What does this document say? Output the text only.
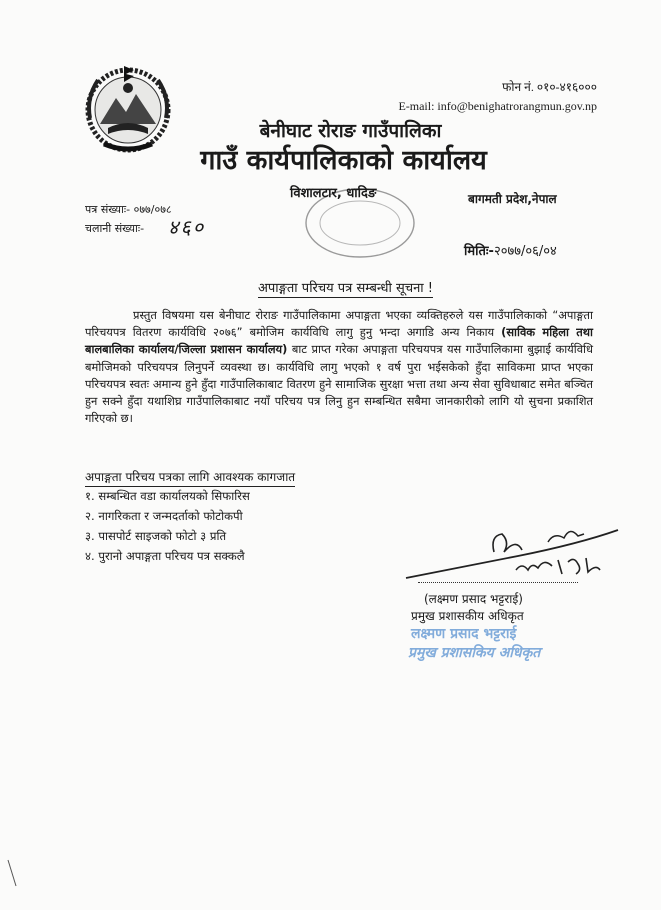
फोन नं. ०१०-४१६०००
E-mail: info@benighatrorangmun.gov.np
बेनीघाट रोराङ गाउँपालिका
गाउँ कार्यपालिकाको कार्यालय
विशालटार, धादिङ	बागमती प्रदेश,नेपाल
पत्र संख्याः- ०७७/०७८
चलानी संख्याः- ४६०
मितिः-२०७७/०६/०४
अपाङ्गता परिचय पत्र सम्बन्धी सूचना !
प्रस्तुत विषयमा यस बेनीघाट रोराङ गाउँपालिकामा अपाङ्गता भएका व्यक्तिहरुले यस गाउँपालिकाको “अपाङ्गता परिचयपत्र वितरण कार्यविधि २०७६” बमोजिम कार्यविधि लागु हुनु भन्दा अगाडि अन्य निकाय (साविक महिला तथा बालबालिका कार्यालय/जिल्ला प्रशासन कार्यालय) बाट प्राप्त गरेका अपाङ्गता परिचयपत्र यस गाउँपालिकामा बुझाई कार्यविधि बमोजिमको परिचयपत्र लिनुपर्ने व्यवस्था छ। कार्यविधि लागु भएको १ वर्ष पुरा भईसकेको हुँदा साविकमा प्राप्त भएका परिचयपत्र स्वतः अमान्य हुने हुँदा गाउँपालिकाबाट वितरण हुने सामाजिक सुरक्षा भत्ता तथा अन्य सेवा सुविधाबाट समेत बञ्चित हुन सक्ने हुँदा यथाशिघ्र गाउँपालिकाबाट नयाँ परिचय पत्र लिनु हुन सम्बन्धित सबैमा जानकारीको लागि यो सुचना प्रकाशित गरिएको छ।
अपाङ्गता परिचय पत्रका लागि आवश्यक कागजात
१. सम्बन्धित वडा कार्यालयको सिफारिस
२. नागरिकता र जन्मदर्ताको फोटोकपी
३. पासपोर्ट साइजको फोटो ३ प्रति
४. पुरानो अपाङ्गता परिचय पत्र सक्कलै
(लक्ष्मण प्रसाद भट्टराई)
प्रमुख प्रशासकीय अधिकृत
लक्ष्मण प्रसाद भट्टराई
प्रमुख प्रशासकिय अधिकृत
